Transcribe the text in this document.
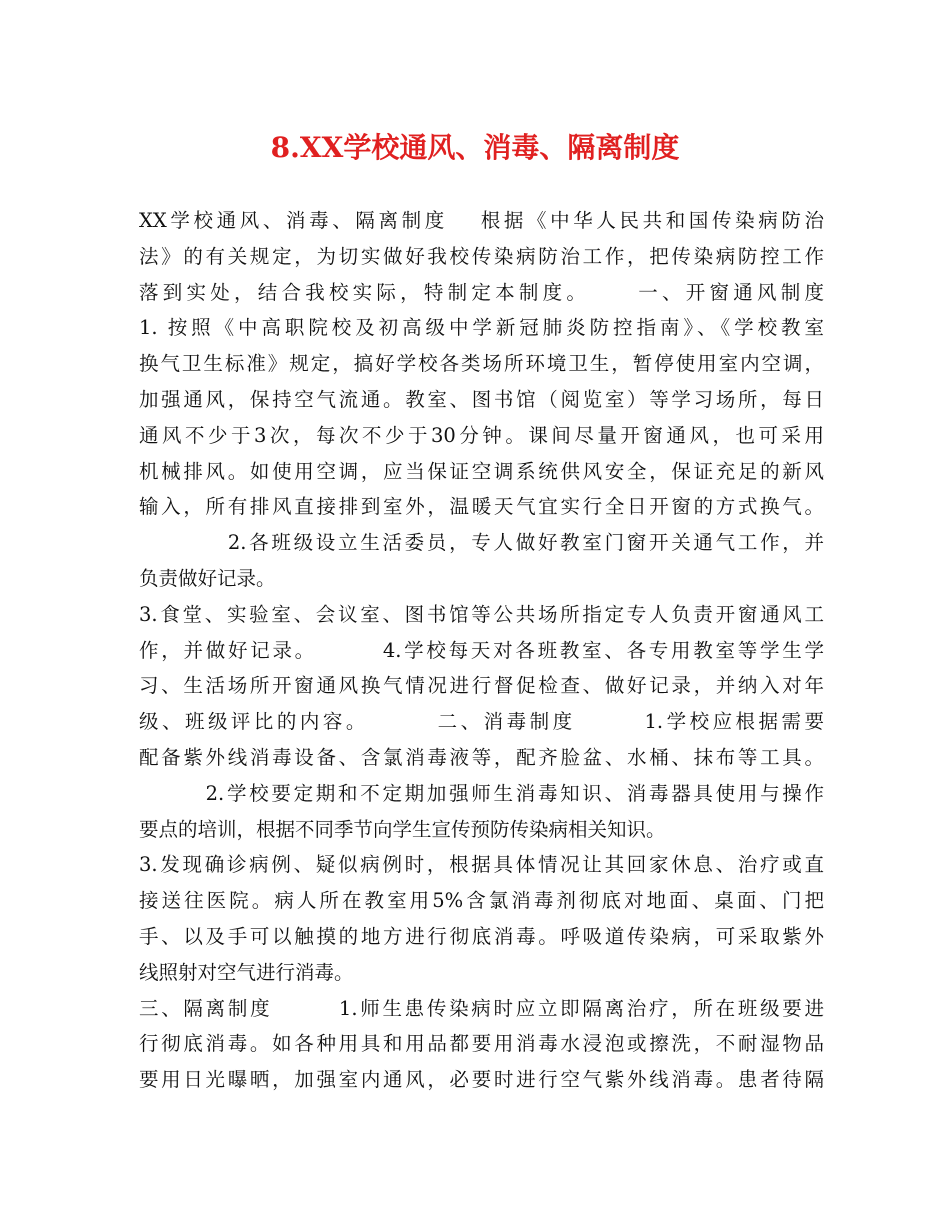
8.XX学校通风、消毒、隔离制度
XX学校通风、消毒、隔离制度　 根据《中华人民共和国传染病防治
法》的有关规定，为切实做好我校传染病防治工作，把传染病防控工作
落到实处，结合我校实际，特制定本制度。　　 一、开窗通风制度
1. 按照《中高职院校及初高级中学新冠肺炎防控指南》、《学校教室
换气卫生标准》规定，搞好学校各类场所环境卫生，暂停使用室内空调，
加强通风，保持空气流通。教室、图书馆（阅览室）等学习场所，每日
通风不少于3次，每次不少于30分钟。课间尽量开窗通风，也可采用
机械排风。如使用空调，应当保证空调系统供风安全，保证充足的新风
输入，所有排风直接排到室外，温暖天气宜实行全日开窗的方式换气。
　　　　2.各班级设立生活委员，专人做好教室门窗开关通气工作，并
负责做好记录。
3.食堂、实验室、会议室、图书馆等公共场所指定专人负责开窗通风工
作，并做好记录。　　　 4.学校每天对各班教室、各专用教室等学生学
习、生活场所开窗通风换气情况进行督促检查、做好记录，并纳入对年
级、班级评比的内容。　　　 二、消毒制度　　　1.学校应根据需要
配备紫外线消毒设备、含氯消毒液等，配齐脸盆、水桶、抹布等工具。
　　　2.学校要定期和不定期加强师生消毒知识、消毒器具使用与操作
要点的培训，根据不同季节向学生宣传预防传染病相关知识。
3.发现确诊病例、疑似病例时，根据具体情况让其回家休息、治疗或直
接送往医院。病人所在教室用5%含氯消毒剂彻底对地面、桌面、门把
手、以及手可以触摸的地方进行彻底消毒。呼吸道传染病，可采取紫外
线照射对空气进行消毒。
三、隔离制度　　　1.师生患传染病时应立即隔离治疗，所在班级要进
行彻底消毒。如各种用具和用品都要用消毒水浸泡或擦洗，不耐湿物品
要用日光曝晒，加强室内通风，必要时进行空气紫外线消毒。患者待隔
